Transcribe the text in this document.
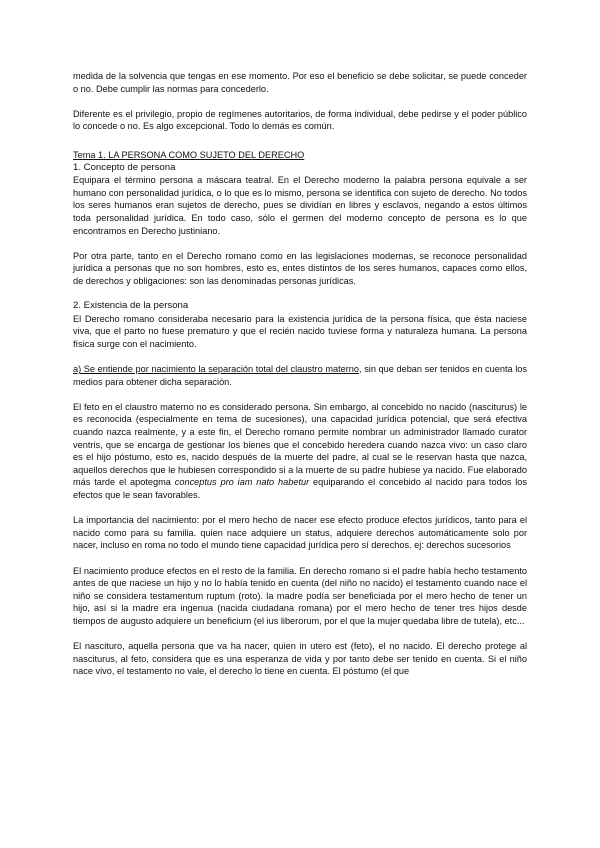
medida de la solvencia que tengas en ese momento. Por eso el beneficio se debe solicitar, se puede conceder o no. Debe cumplir las normas para concederlo.

Diferente es el privilegio, propio de regímenes autoritarios, de forma individual, debe pedirse y el poder público lo concede o no. Es algo excepcional. Todo lo demás es común.

Tema 1. LA PERSONA COMO SUJETO DEL DERECHO
1. Concepto de persona

Equipara el término persona a máscara teatral. En el Derecho moderno la palabra persona equivale a ser humano con personalidad jurídica, o lo que es lo mismo, persona se identifica con sujeto de derecho. No todos los seres humanos eran sujetos de derecho, pues se dividían en libres y esclavos, negando a estos últimos toda personalidad jurídica. En todo caso, sólo el germen del moderno concepto de persona es lo que encontramos en Derecho justiniano.

Por otra parte, tanto en el Derecho romano como en las legislaciones modernas, se reconoce personalidad jurídica a personas que no son hombres, esto es, entes distintos de los seres humanos, capaces como ellos, de derechos y obligaciones: son las denominadas personas jurídicas.

2. Existencia de la persona

El Derecho romano consideraba necesario para la existencia jurídica de la persona física, que ésta naciese viva, que el parto no fuese prematuro y que el recién nacido tuviese forma y naturaleza humana. La persona física surge con el nacimiento.

a) Se entiende por nacimiento la separación total del claustro materno, sin que deban ser tenidos en cuenta los medios para obtener dicha separación.

El feto en el claustro materno no es considerado persona. Sin embargo, al concebido no nacido (nasciturus) le es reconocida (especialmente en tema de sucesiones), una capacidad jurídica potencial, que será efectiva cuando nazca realmente, y a este fin, el Derecho romano permite nombrar un administrador llamado curator ventris, que se encarga de gestionar los bienes que el concebido heredera cuando nazca vivo: un caso claro es el hijo póstumo, esto es, nacido después de la muerte del padre, al cual se le reservan hasta que nazca, aquellos derechos que le hubiesen correspondido si a la muerte de su padre hubiese ya nacido. Fue elaborado más tarde el apotegma conceptus pro iam nato habetur equiparando el concebido al nacido para todos los efectos que le sean favorables.

La importancia del nacimiento: por el mero hecho de nacer ese efecto produce efectos jurídicos, tanto para el nacido como para su familia. quien nace adquiere un status, adquiere derechos automáticamente solo por nacer, incluso en roma no todo el mundo tiene capacidad jurídica pero sí derechos. ej: derechos sucesorios

El nacimiento produce efectos en el resto de la familia. En derecho romano si el padre había hecho testamento antes de que naciese un hijo y no lo había tenido en cuenta (del niño no nacido) el testamento cuando nace el niño se considera testamentum ruptum (roto). la madre podía ser beneficiada por el mero hecho de tener un hijo, así si la madre era ingenua (nacida ciudadana romana) por el mero hecho de tener tres hijos desde tiempos de augusto adquiere un beneficium (el ius liberorum, por el que la mujer quedaba libre de tutela), etc...

El nasciturо, aquella persona que va ha nacer, quien in utero est (feto), el no nacido. El derecho protege al nasciturus, al feto, considera que es una esperanza de vida y por tanto debe ser tenido en cuenta. Si el niño nace vivo, el testamento no vale, el derecho lo tiene en cuenta. El póstumo (el que
